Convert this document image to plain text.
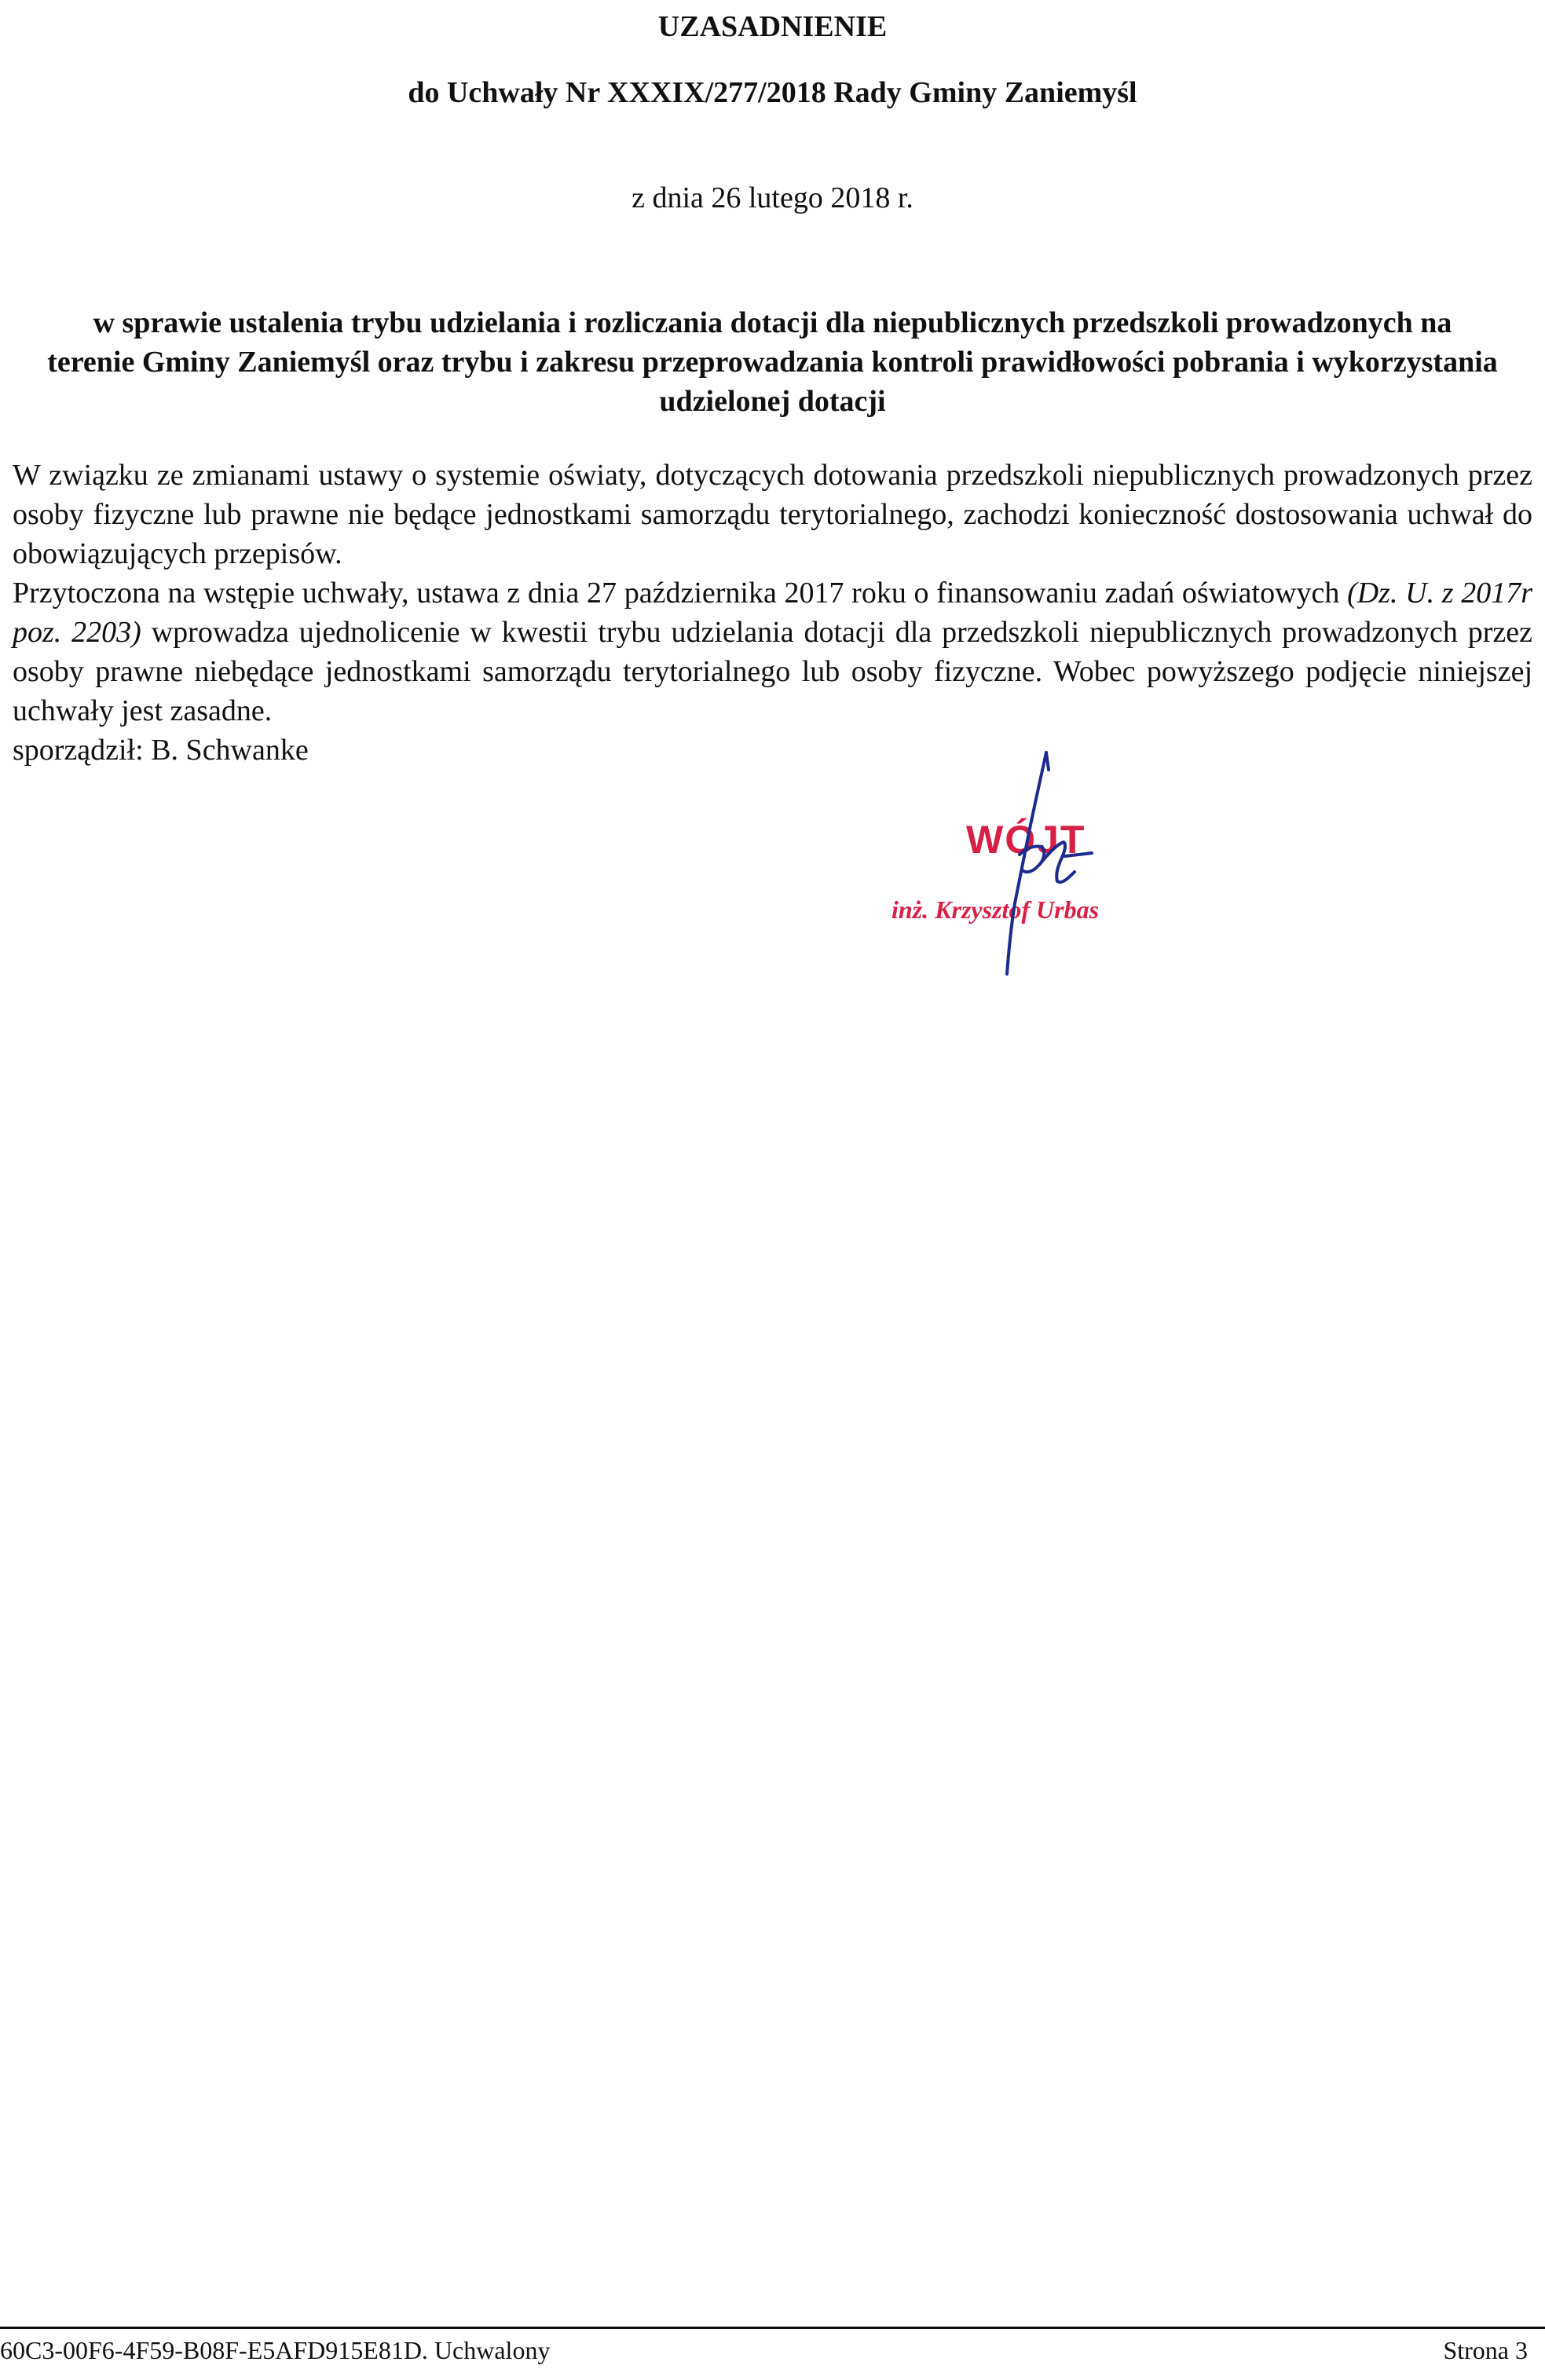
UZASADNIENIE
do Uchwały Nr XXXIX/277/2018 Rady Gminy Zaniemyśl

z dnia 26 lutego 2018 r.

w sprawie ustalenia trybu udzielania i rozliczania dotacji dla niepublicznych przedszkoli prowadzonych na terenie Gminy Zaniemyśl oraz trybu i zakresu przeprowadzania kontroli prawidłowości pobrania i wykorzystania udzielonej dotacji

W związku ze zmianami ustawy o systemie oświaty, dotyczących dotowania przedszkoli niepublicznych prowadzonych przez osoby fizyczne lub prawne nie będące jednostkami samorządu terytorialnego, zachodzi konieczność dostosowania uchwał do obowiązujących przepisów.

Przytoczona na wstępie uchwały, ustawa z dnia 27 października 2017 roku o finansowaniu zadań oświatowych (Dz. U. z 2017r poz. 2203) wprowadza ujednolicenie w kwestii trybu udzielania dotacji dla przedszkoli niepublicznych prowadzonych przez osoby prawne niebędące jednostkami samorządu terytorialnego lub osoby fizyczne. Wobec powyższego podjęcie niniejszej uchwały jest zasadne.

sporządził: B. Schwanke

WÓJT
inż. Krzysztof Urbas
60C3-00F6-4F59-B08F-E5AFD915E81D. Uchwalony	Strona 3
